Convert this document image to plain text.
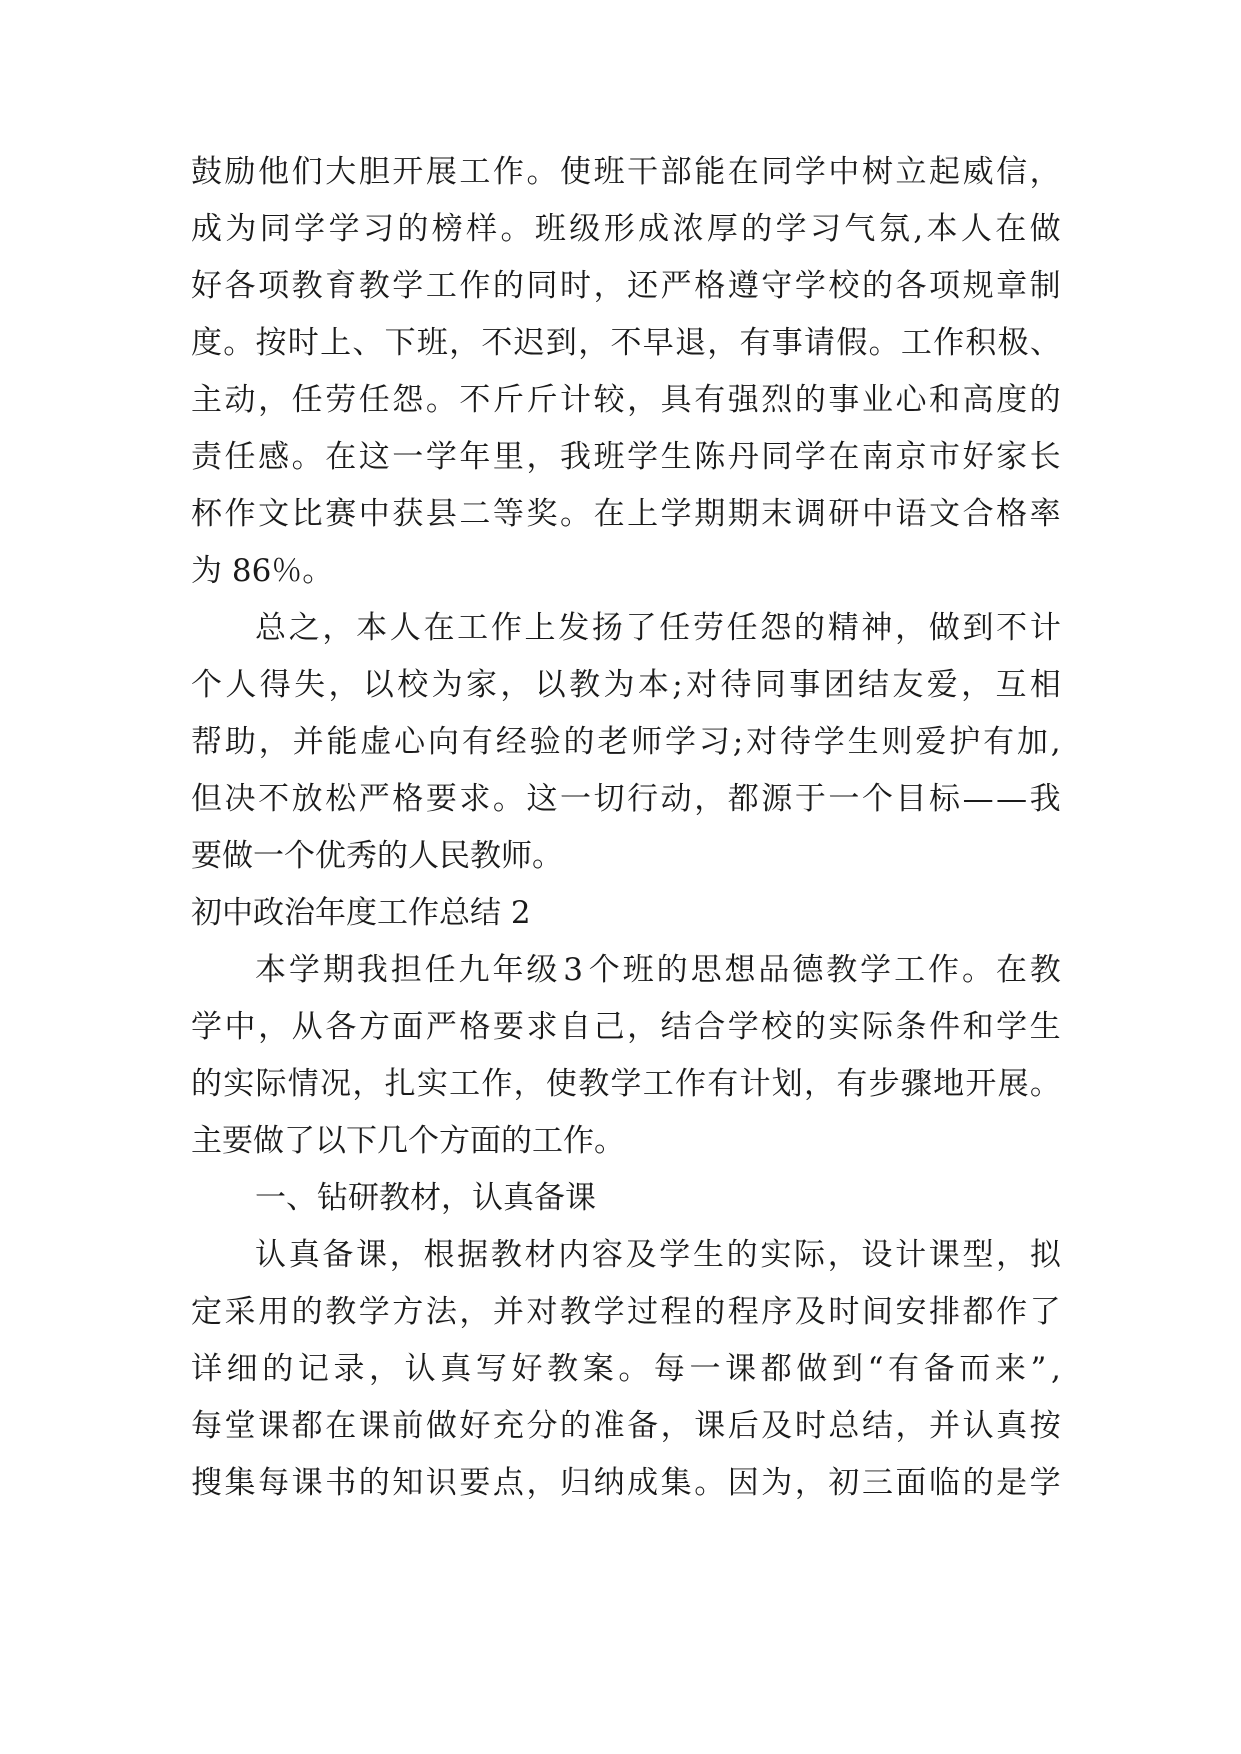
鼓 励 他 们 大 胆 开 展 工 作 。 使 班 干 部 能 在 同 学 中 树 立 起 威 信 ，
成 为 同 学 学 习 的 榜 样 。 班 级 形 成 浓 厚 的 学 习 气 氛 , 本 人 在 做
好 各 项 教 育 教 学 工 作 的 同 时 ， 还 严 格 遵 守 学 校 的 各 项 规 章 制
度 。 按 时 上 、 下 班 ， 不 迟 到 ， 不 早 退 ， 有 事 请 假 。 工 作 积 极 、
主 动 ， 任 劳 任 怨 。 不 斤 斤 计 较 ， 具 有 强 烈 的 事 业 心 和 高 度 的
责 任 感 。 在 这 一 学 年 里 ， 我 班 学 生 陈 丹 同 学 在 南 京 市 好 家 长
杯 作 文 比 赛 中 获 县 二 等 奖 。 在 上 学 期 期 末 调 研 中 语 文 合 格 率
为 86％。
总 之 ， 本 人 在 工 作 上 发 扬 了 任 劳 任 怨 的 精 神 ， 做 到 不 计
个 人 得 失 ， 以 校 为 家 ， 以 教 为 本 ; 对 待 同 事 团 结 友 爱 ， 互 相
帮 助 ， 并 能 虚 心 向 有 经 验 的 老 师 学 习 ; 对 待 学 生 则 爱 护 有 加 ,
但 决 不 放 松 严 格 要 求 。 这 一 切 行 动 ， 都 源 于 一 个 目 标 — — 我
要做一个优秀的人民教师。
初中政治年度工作总结 2
本 学 期 我 担 任 九 年 级 3 个 班 的 思 想 品 德 教 学 工 作 。 在 教
学 中 ， 从 各 方 面 严 格 要 求 自 己 ， 结 合 学 校 的 实 际 条 件 和 学 生
的 实 际 情 况 ， 扎 实 工 作 ， 使 教 学 工 作 有 计 划 ， 有 步 骤 地 开 展 。
主要做了以下几个方面的工作。
一、钻研教材，认真备课
认 真 备 课 ， 根 据 教 材 内 容 及 学 生 的 实 际 ， 设 计 课 型 ， 拟
定 采 用 的 教 学 方 法 ， 并 对 教 学 过 程 的 程 序 及 时 间 安 排 都 作 了
详 细 的 记 录 ， 认 真 写 好 教 案 。 每 一 课 都 做 到 “ 有 备 而 来 ” ,
每 堂 课 都 在 课 前 做 好 充 分 的 准 备 ， 课 后 及 时 总 结 ， 并 认 真 按
搜 集 每 课 书 的 知 识 要 点 ， 归 纳 成 集 。 因 为 ， 初 三 面 临 的 是 学
